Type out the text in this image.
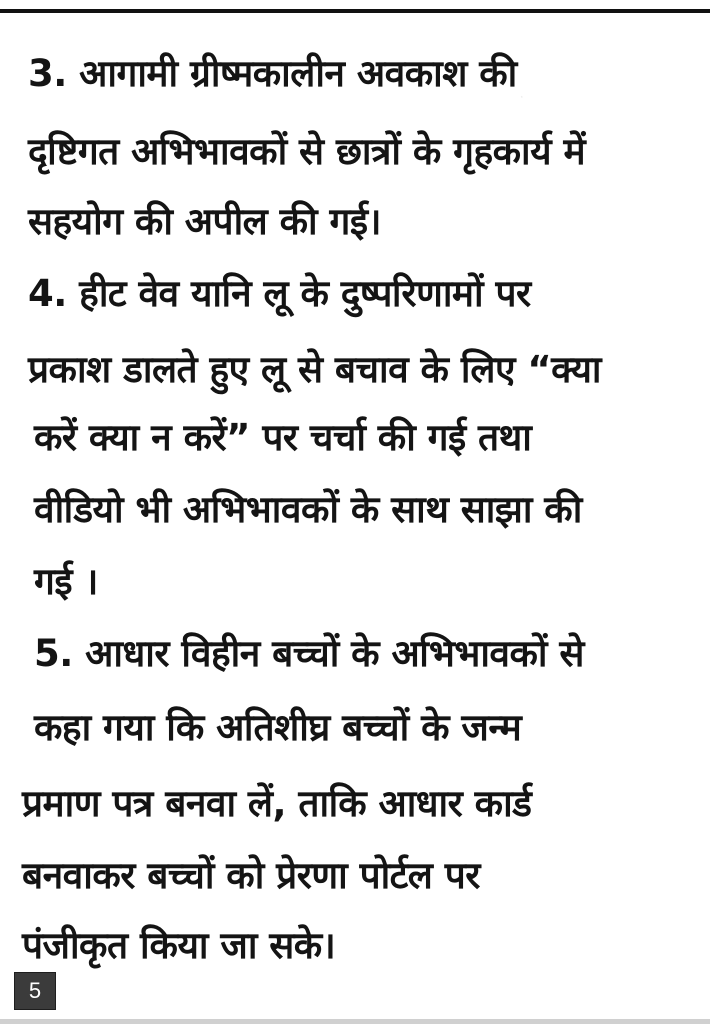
·
3. आगामी ग्रीष्मकालीन अवकाश की
दृष्टिगत अभिभावकों से छात्रों के गृहकार्य में
सहयोग की अपील की गई।
4. हीट वेव यानि लू के दुष्परिणामों पर
प्रकाश डालते हुए लू से बचाव के लिए “क्या
करें क्या न करें” पर चर्चा की गई तथा
वीडियो भी अभिभावकों के साथ साझा की
गई ।
5. आधार विहीन बच्चों के अभिभावकों से
कहा गया कि अतिशीघ्र बच्चों के जन्म
प्रमाण पत्र बनवा लें, ताकि आधार कार्ड
बनवाकर बच्चों को प्रेरणा पोर्टल पर
पंजीकृत किया जा सके।
5
